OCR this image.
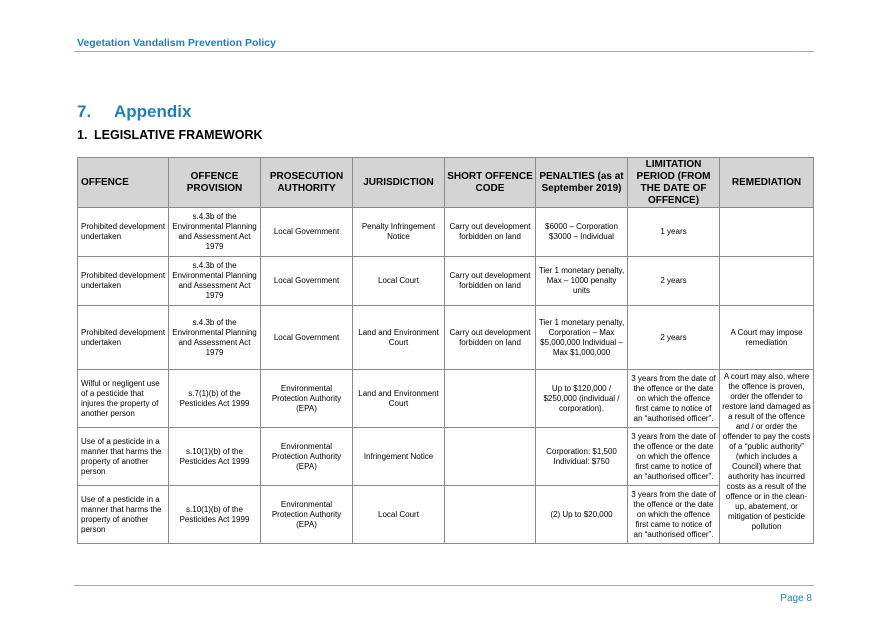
Vegetation Vandalism Prevention Policy
7. Appendix
1. LEGISLATIVE FRAMEWORK
OFFENCE	OFFENCE PROVISION	PROSECUTION AUTHORITY	JURISDICTION	SHORT OFFENCE CODE	PENALTIES (as at September 2019)	LIMITATION PERIOD (FROM THE DATE OF OFFENCE)	REMEDIATION
Prohibited development undertaken	s.4.3b of the Environmental Planning and Assessment Act 1979	Local Government	Penalty Infringement Notice	Carry out development forbidden on land	$6000 – Corporation $3000 – Individual	1 years	
Prohibited development undertaken	s.4.3b of the Environmental Planning and Assessment Act 1979	Local Government	Local Court	Carry out development forbidden on land	Tier 1 monetary penalty, Max – 1000 penalty units	2 years	
Prohibited development undertaken	s.4.3b of the Environmental Planning and Assessment Act 1979	Local Government	Land and Environment Court	Carry out development forbidden on land	Tier 1 monetary penalty, Corporation – Max $5,000,000 Individual – Max $1,000,000	2 years	A Court may impose remediation
Wilful or negligent use of a pesticide that injures the property of another person	s.7(1)(b) of the Pesticides Act 1999	Environmental Protection Authority (EPA)	Land and Environment Court		Up to $120,000 / $250,000 (individual / corporation).	3 years from the date of the offence or the date on which the offence first came to notice of an “authorised officer”.	A court may also, where the offence is proven, order the offender to restore land damaged as a result of the offence and / or order the offender to pay the costs of a “public authority” (which includes a Council) where that authority has incurred costs as a result of the offence or in the clean-up, abatement, or mitigation of pesticide pollution
Use of a pesticide in a manner that harms the property of another person	s.10(1)(b) of the Pesticides Act 1999	Environmental Protection Authority (EPA)	Infringement Notice		Corporation: $1,500 Individual: $750	3 years from the date of the offence or the date on which the offence first came to notice of an “authorised officer”.	
Use of a pesticide in a manner that harms the property of another person	s.10(1)(b) of the Pesticides Act 1999	Environmental Protection Authority (EPA)	Local Court		(2) Up to $20,000	3 years from the date of the offence or the date on which the offence first came to notice of an “authorised officer”.	
Page 8
